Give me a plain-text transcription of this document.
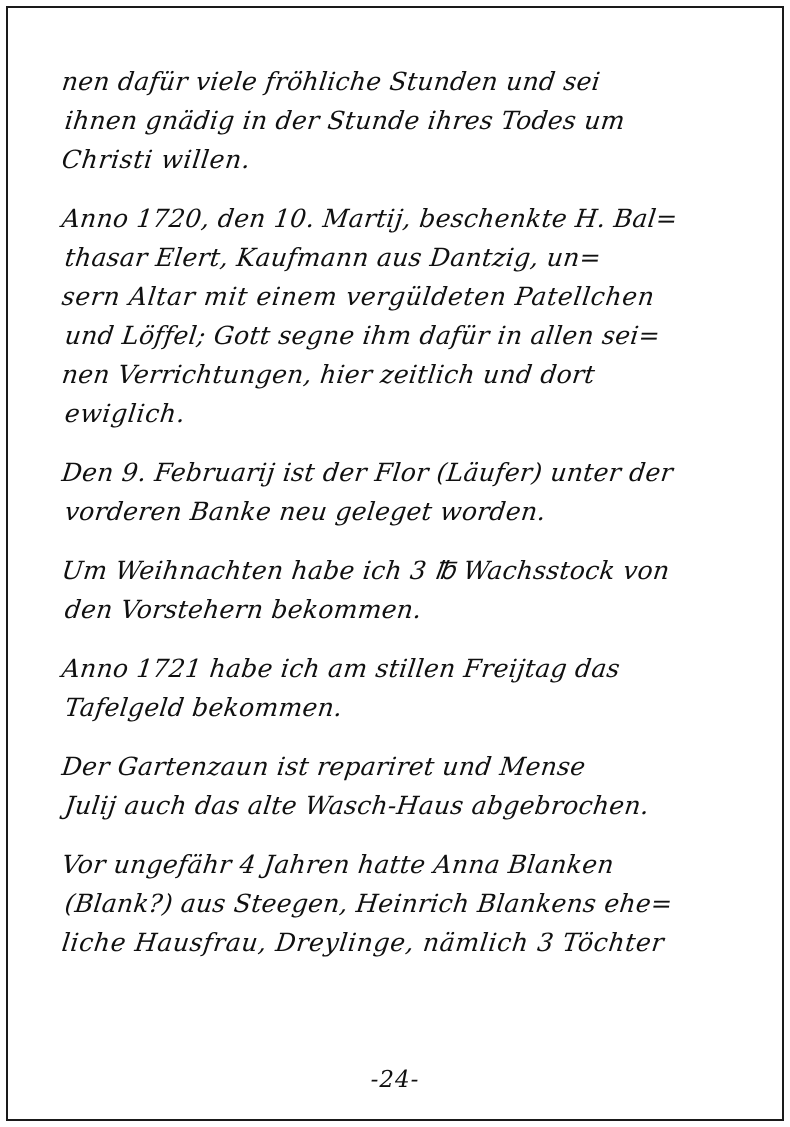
nen dafür viele fröhliche Stunden und sei
ihnen gnädig in der Stunde ihres Todes um
Christi willen.
Anno 1720, den 10. Martij, beschenkte H. Bal=
thasar Elert, Kaufmann aus Dantzig, un=
sern Altar mit einem vergüldeten Patellchen
und Löffel; Gott segne ihm dafür in allen sei=
nen Verrichtungen, hier zeitlich und dort
ewiglich.
Den 9. Februarij ist der Flor (Läufer) unter der
vorderen Banke neu geleget worden.
Um Weihnachten habe ich 3 ℔ Wachsstock von
den Vorstehern bekommen.
Anno 1721 habe ich am stillen Freijtag das
Tafelgeld bekommen.
Der Gartenzaun ist repariret und Mense
Julij auch das alte Wasch-Haus abgebrochen.
Vor ungefähr 4 Jahren hatte Anna Blanken
(Blank?) aus Steegen, Heinrich Blankens ehe=
liche Hausfrau, Dreylinge, nämlich 3 Töchter
-24-
